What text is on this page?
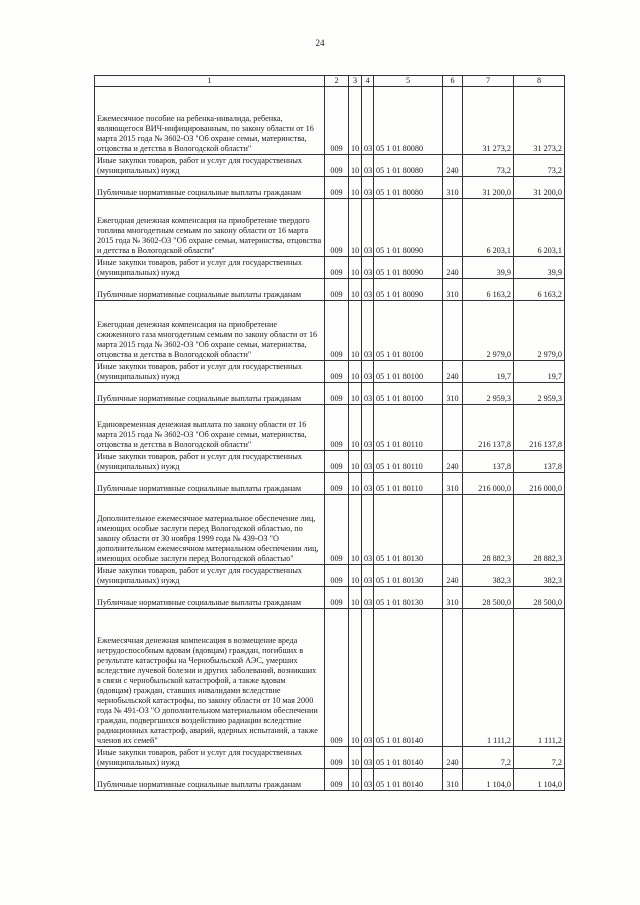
24
1	2	3	4	5	6	7	8
Ежемесячное пособие на ребенка-инвалида, ребенка, являющегося ВИЧ-инфицированным, по закону области от 16 марта 2015 года № 3602-ОЗ "Об охране семьи, материнства, отцовства и детства в Вологодской области"	009	10	03	05 1 01 80080		31 273,2	31 273,2
Иные закупки товаров, работ и услуг для государственных (муниципальных) нужд	009	10	03	05 1 01 80080	240	73,2	73,2
Публичные нормативные социальные выплаты гражданам	009	10	03	05 1 01 80080	310	31 200,0	31 200,0
Ежегодная денежная компенсация на приобретение твердого топлива многодетным семьям по закону области от 16 марта 2015 года № 3602-ОЗ "Об охране семьи, материнства, отцовства и детства в Вологодской области"	009	10	03	05 1 01 80090		6 203,1	6 203,1
Иные закупки товаров, работ и услуг для государственных (муниципальных) нужд	009	10	03	05 1 01 80090	240	39,9	39,9
Публичные нормативные социальные выплаты гражданам	009	10	03	05 1 01 80090	310	6 163,2	6 163,2
Ежегодная денежная компенсация на приобретение сжиженного газа многодетным семьям по закону области от 16 марта 2015 года № 3602-ОЗ "Об охране семьи, материнства, отцовства и детства в Вологодской области"	009	10	03	05 1 01 80100		2 979,0	2 979,0
Иные закупки товаров, работ и услуг для государственных (муниципальных) нужд	009	10	03	05 1 01 80100	240	19,7	19,7
Публичные нормативные социальные выплаты гражданам	009	10	03	05 1 01 80100	310	2 959,3	2 959,3
Единовременная денежная выплата по закону области от 16 марта 2015 года № 3602-ОЗ "Об охране семьи, материнства, отцовства и детства в Вологодской области"	009	10	03	05 1 01 80110		216 137,8	216 137,8
Иные закупки товаров, работ и услуг для государственных (муниципальных) нужд	009	10	03	05 1 01 80110	240	137,8	137,8
Публичные нормативные социальные выплаты гражданам	009	10	03	05 1 01 80110	310	216 000,0	216 000,0
Дополнительное ежемесячное материальное обеспечение лиц, имеющих особые заслуги перед Вологодской областью, по закону области от 30 ноября 1999 года № 439-ОЗ "О дополнительном ежемесячном материальном обеспечении лиц, имеющих особые заслуги перед Вологодской областью"	009	10	03	05 1 01 80130		28 882,3	28 882,3
Иные закупки товаров, работ и услуг для государственных (муниципальных) нужд	009	10	03	05 1 01 80130	240	382,3	382,3
Публичные нормативные социальные выплаты гражданам	009	10	03	05 1 01 80130	310	28 500,0	28 500,0
Ежемесячная денежная компенсация в возмещение вреда нетрудоспособным вдовам (вдовцам) граждан, погибших в результате катастрофы на Чернобыльской АЭС, умерших вследствие лучевой болезни и других заболеваний, возникших в связи с чернобыльской катастрофой, а также вдовам (вдовцам) граждан, ставших инвалидами вследствие чернобыльской катастрофы, по закону области от 10 мая 2000 года № 491-ОЗ "О дополнительном материальном обеспечении граждан, подвергшихся воздействию радиации вследствие радиационных катастроф, аварий, ядерных испытаний, а также членов их семей"	009	10	03	05 1 01 80140		1 111,2	1 111,2
Иные закупки товаров, работ и услуг для государственных (муниципальных) нужд	009	10	03	05 1 01 80140	240	7,2	7,2
Публичные нормативные социальные выплаты гражданам	009	10	03	05 1 01 80140	310	1 104,0	1 104,0
